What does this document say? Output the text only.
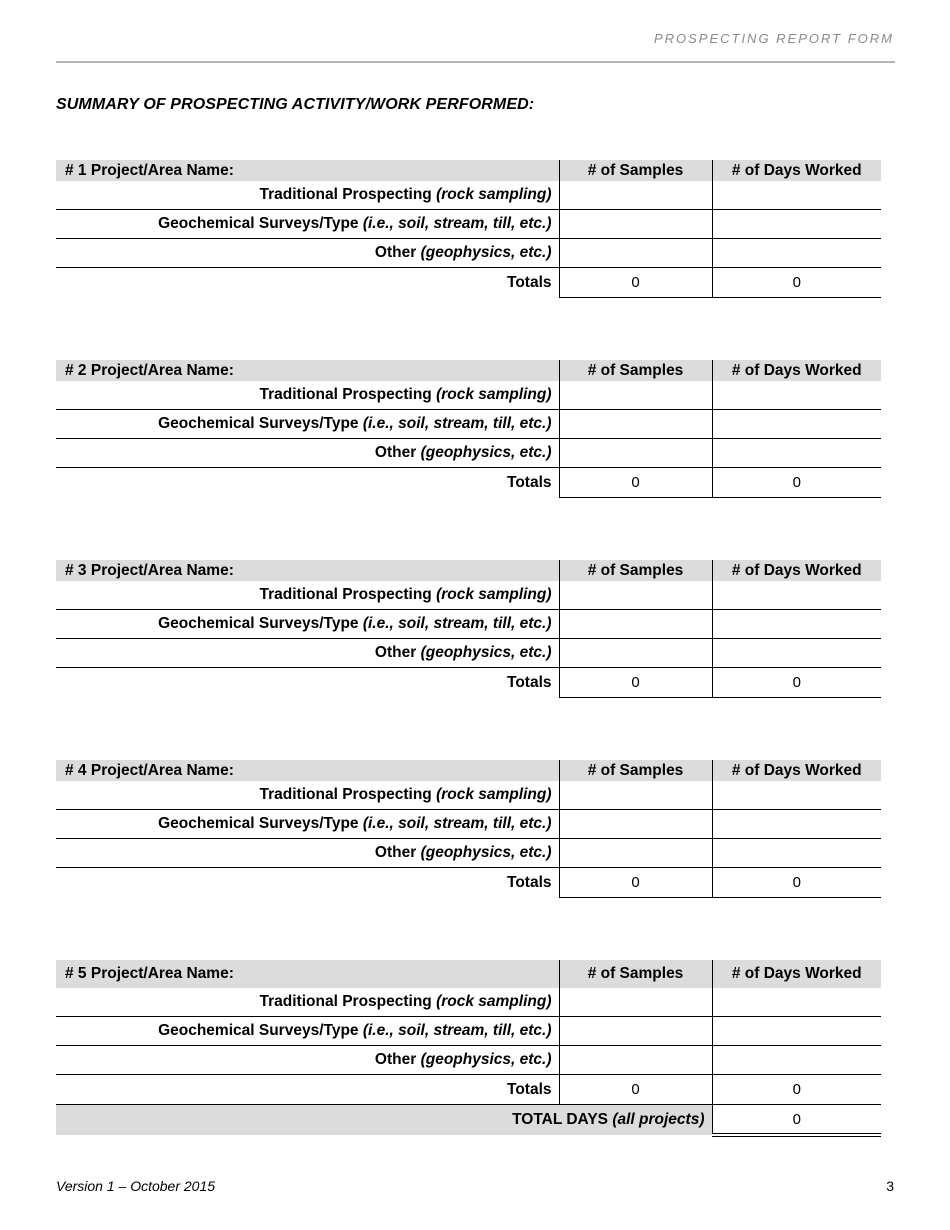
PROSPECTING REPORT FORM
SUMMARY OF PROSPECTING ACTIVITY/WORK PERFORMED:
# 1 Project/Area Name:	# of Samples	# of Days Worked
Traditional Prospecting (rock sampling)		
Geochemical Surveys/Type (i.e., soil, stream, till, etc.)		
Other (geophysics, etc.)		
Totals	0	0
# 2 Project/Area Name:	# of Samples	# of Days Worked
Traditional Prospecting (rock sampling)		
Geochemical Surveys/Type (i.e., soil, stream, till, etc.)		
Other (geophysics, etc.)		
Totals	0	0
# 3 Project/Area Name:	# of Samples	# of Days Worked
Traditional Prospecting (rock sampling)		
Geochemical Surveys/Type (i.e., soil, stream, till, etc.)		
Other (geophysics, etc.)		
Totals	0	0
# 4 Project/Area Name:	# of Samples	# of Days Worked
Traditional Prospecting (rock sampling)		
Geochemical Surveys/Type (i.e., soil, stream, till, etc.)		
Other (geophysics, etc.)		
Totals	0	0
# 5 Project/Area Name:	# of Samples	# of Days Worked
Traditional Prospecting (rock sampling)		
Geochemical Surveys/Type (i.e., soil, stream, till, etc.)		
Other (geophysics, etc.)		
Totals	0	0
TOTAL DAYS (all projects)		0
Version 1 – October 2015	3
